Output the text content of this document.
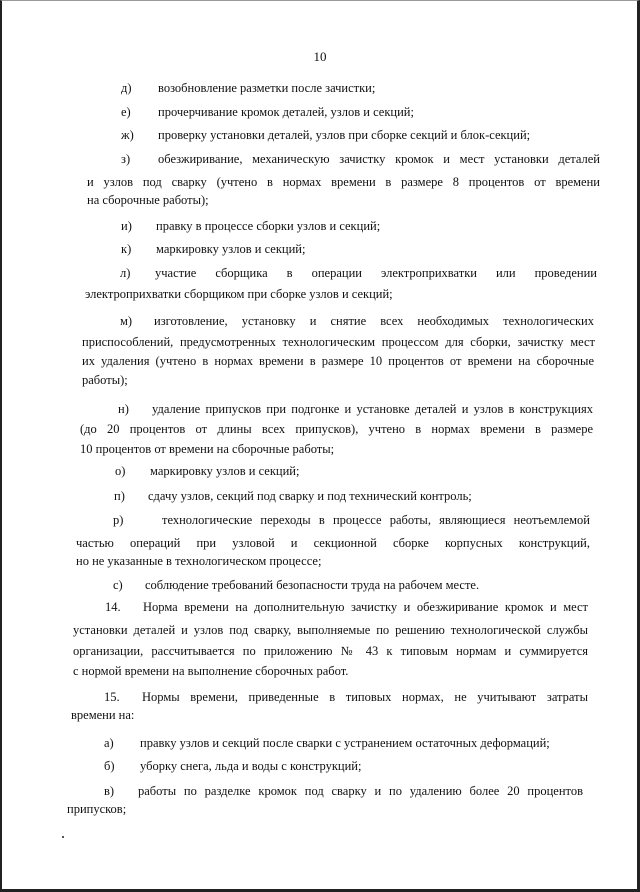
10
д) возобновление разметки после зачистки;
е) прочерчивание кромок деталей, узлов и секций;
ж) проверку установки деталей, узлов при сборке секций и блок-секций;
з) обезжиривание, механическую зачистку кромок и мест установки деталей
и узлов под сварку (учтено в нормах времени в размере 8 процентов от времени
на сборочные работы);
и) правку в процессе сборки узлов и секций;
к) маркировку узлов и секций;
л) участие сборщика в операции электроприхватки или проведении
электроприхватки сборщиком при сборке узлов и секций;
м) изготовление, установку и снятие всех необходимых технологических
приспособлений, предусмотренных технологическим процессом для сборки, зачистку мест
их удаления (учтено в нормах времени в размере 10 процентов от времени на сборочные
работы);
н) удаление припусков при подгонке и установке деталей и узлов в конструкциях
(до 20 процентов от длины всех припусков), учтено в нормах времени в размере
10 процентов от времени на сборочные работы;
о) маркировку узлов и секций;
п) сдачу узлов, секций под сварку и под технический контроль;
р)	технологические переходы в процессе работы, являющиеся неотъемлемой
частью операций при узловой и секционной сборке корпусных конструкций,
но не указанные в технологическом процессе;
с) соблюдение требований безопасности труда на рабочем месте.
14. Норма времени на дополнительную зачистку и обезжиривание кромок и мест
установки деталей и узлов под сварку, выполняемые по решению технологической службы
организации, рассчитывается по приложению № 43 к типовым нормам и суммируется
с нормой времени на выполнение сборочных работ.
15. Нормы времени, приведенные в типовых нормах, не учитывают затраты
времени на:
а) правку узлов и секций после сварки с устранением остаточных деформаций;
б) уборку снега, льда и воды с конструкций;
в) работы по разделке кромок под сварку и по удалению более 20 процентов
припусков;
